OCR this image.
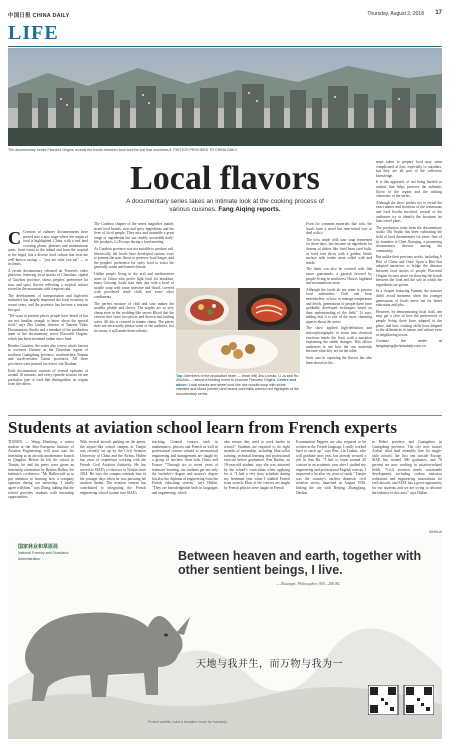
中国日报 CHINA DAILY	Thursday, August 2, 2018 17
LIFE
The documentary series Flavorful Origins reveals the bonds between food and the soil that nourishes it. PHOTOS PROVIDED TO CHINA DAILY
Local flavors
A documentary series takes an intimate look at the cooking process of various cuisines. Fang Aiqing reports.

C Creators of culinary documentaries have moved into a new stage where the origin of food is highlighted. China, with a vast land covering plains, plateaus and mountainous areas, from coasts to the inland and from the tropical to the frigid, has a diverse food culture that tests the well-known saying — "you are what you eat" — to its limits.

A recent documentary released on Tencent's video platform, featuring local snacks of Chaoshan, capital of Guizhou province, shows peoples' preference for sour and spicy flavors reflecting a tropical culture rooted in the mountains with frequent rain.

The development of transportation and high-tech industries has largely improved the local economy in recent years, and the province has become a tourism hot spot.

"We want to present places people have heard of but are not familiar enough to know about the special food," says Zhu Linhao, director of Tencent Video Documentary Studio and a member of the production team of the documentary series Flavorful Origins, which has been streamed online since June.

Besides Guizhou, the series also covers what's known to overseas Chinese as the Chaoshan region of southern Guangdong province, southwestern Yunnan and north-western Gansu provinces. All three provinces were praised on review site Douban.

Each documentary consists of several episodes of around 10 minutes, and every episode focuses on one particular type of food that distinguishes its origins from the others.

The Guizhou chapter of the series magnifies mainly street food brands, sour and spicy ingredients and the lives of local people. They mix and assemble a great range of ingredients but use readily accessible daily-life products, Li Fu says during a fund meeting.

As Guizhou province was not suitable to produce salt, historically, the locals have developed various ways to present the sour flavor to preserve food longer, and the peoples' preference for spicy food to resist the generally warm and humid climate.

Unlike people living in the arid and northwestern areas of China who prefer light food for breakfast, many Guiyang locals start their day with a bowl of noodle soup with some intestine and blood, covered with powdered dried chilli and some other condiments.

The perfect mixture of chili and sour makes the noodles pliable and chewy. The staples are so very cheap even in the wedding-like serves Blood that the veteran chef since two pieces and thrown into boiling water. All this is covered in tomato chatni. The pieces does not necessarily please some of the audience, but for many, it still make them salivate.

Top: Members of the production team — (from left) Zhu Linhao, Li Ju and Hu Zhichao — attend a feeding event to promote Flavorful Origins. Centre and above: Local snacks and street food like rice noodle soup with swine intestine and blood (center) and beans curd balls colored red highlights of the documentary series.

Even for common materials like tofu, the locals have a novel but time-tested way to deal with it.

The tofu, made with sour soup fermented for three days, has become an ingredient for dozens of dishes like fried bean curd balls, or fried tofu slices with a golden, brittle surface with tender meat rolled with and inside.

The latter can also be covered with fish sauce guacamole, a garnish favored by people living in southwest China's highland and mountainous areas.

Although the foods do not seem to possess food authorities, Chili and hous nevertheless, or how to manage temperature and levels, generations of people there have gradually developed techniques based on their understanding of the field," Li says, adding that it is one of the most charming aspects about the series.

The show applied high-definition and macrophotography to zoom into chemical reactions inside the food, with a narration explaining the subtle changes. This allows audiences to see how the raw materials become what they are on the table.

Such care in capturing the flavors has also been shown in the...

steps taken to prepare food may seem complicated at first, especially to outsiders, but they are all part of the collective knowledge.

It is this approach, of not being hurried or rushed, that helps preserve the authentic flavor of the region and the striking characters of the series.

Although the show prefers not to reveal the exact names and locations of the restaurants and food booths involved, several of the audiences try to identify the locations for later travel plans.

The production team from the documentary studio Ohi Studio has been cultivating the field of food documentary for years. One of its founders is Chen Xiaoqing, a pioneering documentary director among the community.

But unlike their previous works, including A Bite of China and Once Upon a Bite that adopted narratives to bridge the distance between food stories of people, Flavorful Origins focuses more on showing the bonds between the food and the soil in which the ingredients are grown.

In a chapter featuring Yunnan, the narrator didn't avoid moments when the younger generations of locals move out for better education and jobs.

However, by demonstrating local food, one may get a slice of how the preferences of people living there have adapted to the place, and how cooking skills have adapted to the differences in nature and culture even in neighboring towns.

Contact the writer at fangaiqing@chinadaily.com.cn

Students at aviation school learn from French experts
TIANJIN — Wang Zhenlong, a senior student at the Sino-European Institute of Aviation Engineering, will soon start his internship at an aircraft maintenance branch in Qingdao. Before he left his school in Tianjin, he and his peers were given an internship orientation by Bettina Hallen, the institute's co-director. "Mr Hallen told us to pay attention to learning how a company operates during our internship. I totally agree with him," says Zhang, adding that the school provides students with internship opportunities.
With several aircraft parking on the apron, the airport-like school campus in Tianjin was recently set up by the Civil Aviation University of China and the Airbus. Hallen has years of experience working with the French Civil Aviation Authority. He has served as SIAE's co-director in Tianjin since 2014. He says the campus reminds him of his younger days when he was pursuing his aviation dream. The aviation veteran has contributed to integrating the French engineering school system into SIAE's
teaching. General courses such as mathematics, physics and French as well as professional courses related to aeronautical engineering and management are taught by a group of teachers from both China and France. "Through six to seven years of intensive learning, our students get not only the bachelor's degree and master's degree but also the diploma of engineering from the French educating system," says Hallen. "They are knowledgeable both in languages and engineering, which
also ensure they need to work harder in school." Students are required to do eight months of internship, including blue-collar training, technical learning and professional exercise before graduation. Ren Baolun, an 18-year-old student, says she was attracted by the school's curriculum when applying for it. "I had a very busy schedule during my freshman year when I studied French from scratch. Most of the courses are taught by French physics were taught in French
Examination Pappers are also required to be written in the French language. I really worked hard to catch up," says Ren. Lin Lanhui, who will graduate next year, has already secured a job in Sun Ha. "I had to learn around 20 courses in an academic year after I studied my engineering and professional English courses. I improved a lot after six years of study." Tianjin was the country's earliest domestic civil aviation sector, launched in August 1936, linking the city with Beijing, Zhangjiang, Dashou
in Hebei province and Guangzhou in Guangdong province. The city now houses Airbus' third final assembly line for single-aisle aircraft, the first one outside Europe. SIAE has trained 300 graduates, and 70 percent are now working in aviation-related fields. "Civil aviation needs sustainable development, including carbon emission reductions and engineering innovations for civil aircraft, and SIAE has a great opportunity for our students and we are trying to advance the industry in this area," says Hallen.
XINHUA
国家林业和草原局
National Forestry and Grassland Administration	Between heaven and earth, together with other sentient beings, I live.
— Zhuangzi, Philosopher, 369—286 BC
天地与我并生，而万物与我为一
Protect wildlife, build a beautiful home for humanity.
